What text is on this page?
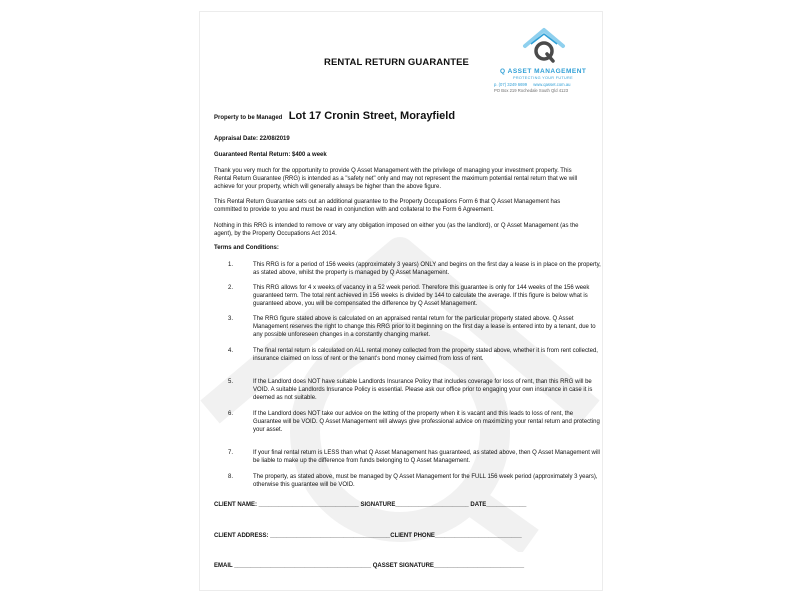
RENTAL RETURN GUARANTEE
Q ASSET MANAGEMENT
PROTECTING YOUR FUTURE
p. (07) 3249 6699 www.qasset.com.au
PO Box 219 Rochedale South Qld 4123
Property to be Managed Lot 17 Cronin Street, Morayfield
Appraisal Date: 22/08/2019
Guaranteed Rental Return: $400 a week
Thank you very much for the opportunity to provide Q Asset Management with the privilege of managing your investment property. This Rental Return Guarantee (RRG) is intended as a "safety net" only and may not represent the maximum potential rental return that we will achieve for your property, which will generally always be higher than the above figure.
This Rental Return Guarantee sets out an additional guarantee to the Property Occupations Form 6 that Q Asset Management has committed to provide to you and must be read in conjunction with and collateral to the Form 6 Agreement.
Nothing in this RRG is intended to remove or vary any obligation imposed on either you (as the landlord), or Q Asset Management (as the agent), by the Property Occupations Act 2014.
Terms and Conditions:
1.	This RRG is for a period of 156 weeks (approximately 3 years) ONLY and begins on the first day a lease is in place on the property, as stated above, whilst the property is managed by Q Asset Management.
2.	This RRG allows for 4 x weeks of vacancy in a 52 week period. Therefore this guarantee is only for 144 weeks of the 156 week guaranteed term. The total rent achieved in 156 weeks is divided by 144 to calculate the average. If this figure is below what is guaranteed above, you will be compensated the difference by Q Asset Management.
3.	The RRG figure stated above is calculated on an appraised rental return for the particular property stated above. Q Asset Management reserves the right to change this RRG prior to it beginning on the first day a lease is entered into by a tenant, due to any possible unforeseen changes in a constantly changing market.
4.	The final rental return is calculated on ALL rental money collected from the property stated above, whether it is from rent collected, insurance claimed on loss of rent or the tenant's bond money claimed from loss of rent.
5.	If the Landlord does NOT have suitable Landlords Insurance Policy that includes coverage for loss of rent, than this RRG will be VOID. A suitable Landlords Insurance Policy is essential. Please ask our office prior to engaging your own insurance in case it is deemed as not suitable.
6.	If the Landlord does NOT take our advice on the letting of the property when it is vacant and this leads to loss of rent, the Guarantee will be VOID. Q Asset Management will always give professional advice on maximizing your rental return and protecting your asset.
7.	If your final rental return is LESS than what Q Asset Management has guaranteed, as stated above, then Q Asset Management will be liable to make up the difference from funds belonging to Q Asset Management.
8.	The property, as stated above, must be managed by Q Asset Management for the FULL 156 week period (approximately 3 years), otherwise this guarantee will be VOID.
CLIENT NAME: ______________________________ SIGNATURE______________________ DATE____________
CLIENT ADDRESS: ____________________________________CLIENT PHONE__________________________
EMAIL _________________________________________ QASSET SIGNATURE___________________________
